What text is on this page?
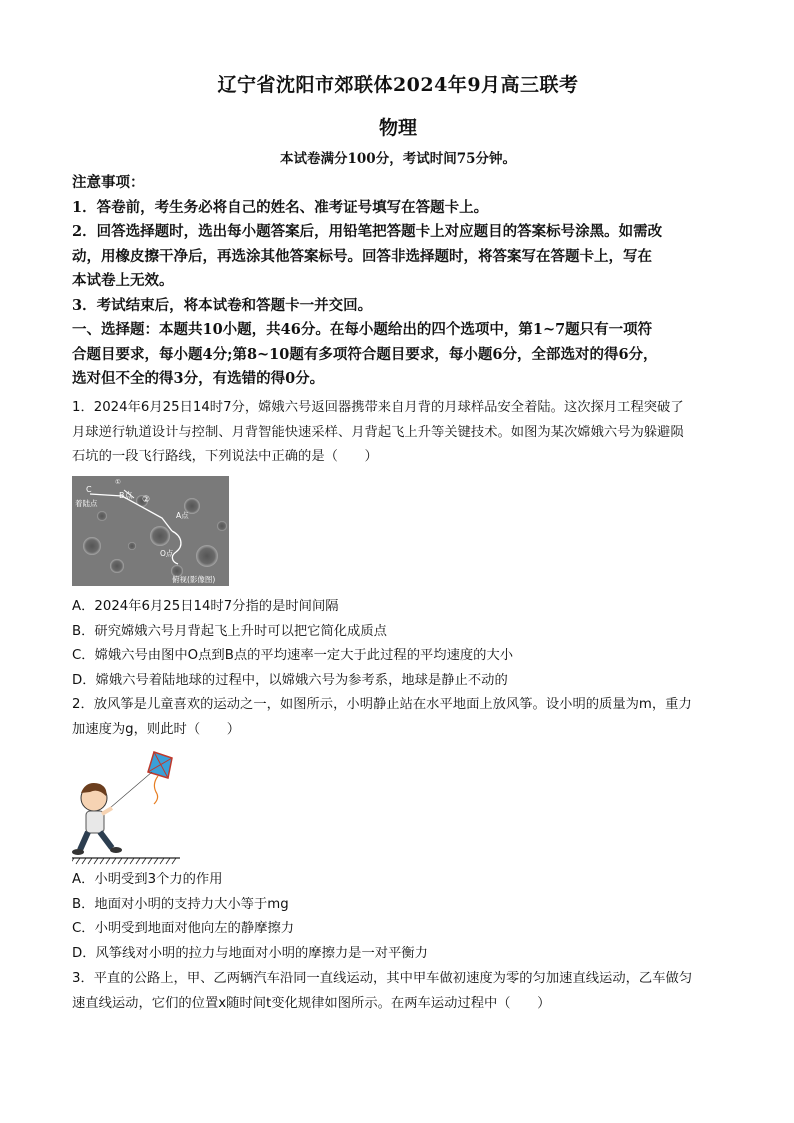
辽宁省沈阳市郊联体2024年9月高三联考
物理
本试卷满分100分，考试时间75分钟。
注意事项：
1．答卷前，考生务必将自己的姓名、准考证号填写在答题卡上。
2．回答选择题时，选出每小题答案后，用铅笔把答题卡上对应题目的答案标号涂黑。如需改
动，用橡皮擦干净后，再选涂其他答案标号。回答非选择题时，将答案写在答题卡上，写在
本试卷上无效。
3．考试结束后，将本试卷和答题卡一并交回。
一、选择题：本题共10小题，共46分。在每小题给出的四个选项中，第1~7题只有一项符
合题目要求，每小题4分;第8~10题有多项符合题目要求，每小题6分，全部选对的得6分，
选对但不全的得3分，有选错的得0分。
1．2024年6月25日14时7分，嫦娥六号返回器携带来自月背的月球样品安全着陆。这次探月工程突破了
月球逆行轨道设计与控制、月背智能快速采样、月背起飞上升等关键技术。如图为某次嫦娥六号为躲避陨
石坑的一段飞行路线，下列说法中正确的是（　　）
C
着陆点
①
B点 ②
A点
O点
俯视(影像图)
A．2024年6月25日14时7分指的是时间间隔
B．研究嫦娥六号月背起飞上升时可以把它简化成质点
C．嫦娥六号由图中O点到B点的平均速率一定大于此过程的平均速度的大小
D．嫦娥六号着陆地球的过程中，以嫦娥六号为参考系，地球是静止不动的
2．放风筝是儿童喜欢的运动之一，如图所示，小明静止站在水平地面上放风筝。设小明的质量为m，重力
加速度为g，则此时（　　）
A．小明受到3个力的作用
B．地面对小明的支持力大小等于mg
C．小明受到地面对他向左的静摩擦力
D．风筝线对小明的拉力与地面对小明的摩擦力是一对平衡力
3．平直的公路上，甲、乙两辆汽车沿同一直线运动，其中甲车做初速度为零的匀加速直线运动，乙车做匀
速直线运动，它们的位置x随时间t变化规律如图所示。在两车运动过程中（　　）
